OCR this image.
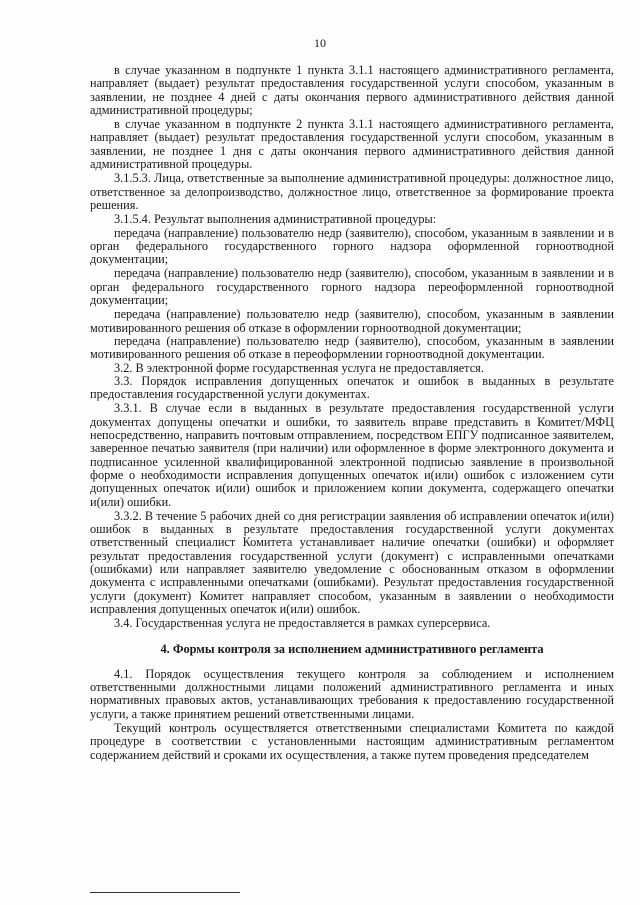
10

в случае указанном в подпункте 1 пункта 3.1.1 настоящего административного регламента, направляет (выдает) результат предоставления государственной услуги способом, указанным в заявлении, не позднее 4 дней с даты окончания первого административного действия данной административной процедуры;

в случае указанном в подпункте 2 пункта 3.1.1 настоящего административного регламента, направляет (выдает) результат предоставления государственной услуги способом, указанным в заявлении, не позднее 1 дня с даты окончания первого административного действия данной административной процедуры.

3.1.5.3. Лица, ответственные за выполнение административной процедуры: должностное лицо, ответственное за делопроизводство, должностное лицо, ответственное за формирование проекта решения.

3.1.5.4. Результат выполнения административной процедуры:

передача (направление) пользователю недр (заявителю), способом, указанным в заявлении и в орган федерального государственного горного надзора оформленной горноотводной документации;

передача (направление) пользователю недр (заявителю), способом, указанным в заявлении и в орган федерального государственного горного надзора переоформленной горноотводной документации;

передача (направление) пользователю недр (заявителю), способом, указанным в заявлении мотивированного решения об отказе в оформлении горноотводной документации;

передача (направление) пользователю недр (заявителю), способом, указанным в заявлении мотивированного решения об отказе в переоформлении горноотводной документации.

3.2. В электронной форме государственная услуга не предоставляется.

3.3. Порядок исправления допущенных опечаток и ошибок в выданных в результате предоставления государственной услуги документах.

3.3.1. В случае если в выданных в результате предоставления государственной услуги документах допущены опечатки и ошибки, то заявитель вправе представить в Комитет/МФЦ непосредственно, направить почтовым отправлением, посредством ЕПГУ подписанное заявителем, заверенное печатью заявителя (при наличии) или оформленное в форме электронного документа и подписанное усиленной квалифицированной электронной подписью заявление в произвольной форме о необходимости исправления допущенных опечаток и(или) ошибок с изложением сути допущенных опечаток и(или) ошибок и приложением копии документа, содержащего опечатки и(или) ошибки.

3.3.2. В течение 5 рабочих дней со дня регистрации заявления об исправлении опечаток и(или) ошибок в выданных в результате предоставления государственной услуги документах ответственный специалист Комитета устанавливает наличие опечатки (ошибки) и оформляет результат предоставления государственной услуги (документ) с исправленными опечатками (ошибками) или направляет заявителю уведомление с обоснованным отказом в оформлении документа с исправленными опечатками (ошибками). Результат предоставления государственной услуги (документ) Комитет направляет способом, указанным в заявлении о необходимости исправления допущенных опечаток и(или) ошибок.

3.4. Государственная услуга не предоставляется в рамках суперсервиса.

4. Формы контроля за исполнением административного регламента

4.1. Порядок осуществления текущего контроля за соблюдением и исполнением ответственными должностными лицами положений административного регламента и иных нормативных правовых актов, устанавливающих требования к предоставлению государственной услуги, а также принятием решений ответственными лицами.

Текущий контроль осуществляется ответственными специалистами Комитета по каждой процедуре в соответствии с установленными настоящим административным регламентом содержанием действий и сроками их осуществления, а также путем проведения председателем
